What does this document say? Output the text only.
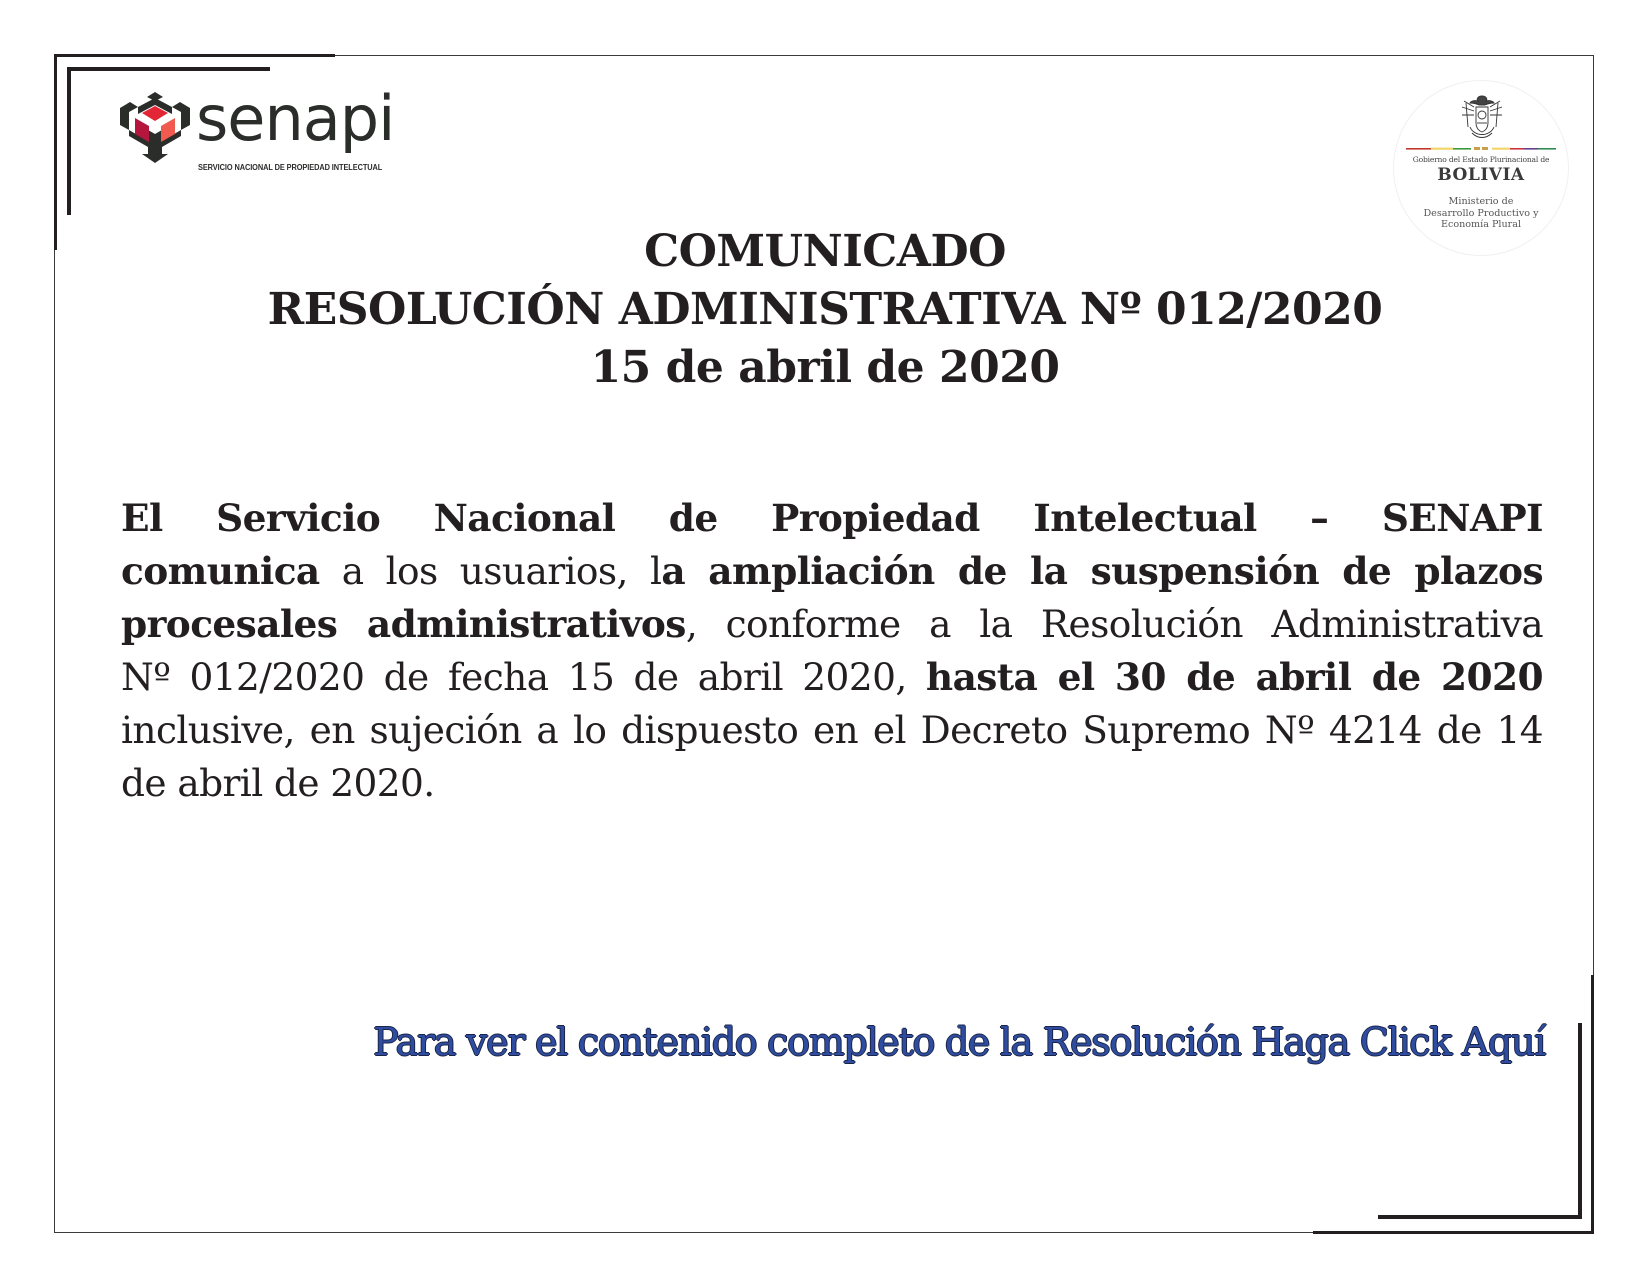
senapi
SERVICIO NACIONAL DE PROPIEDAD INTELECTUAL
Gobierno del Estado Plurinacional de
BOLIVIA
Ministerio de
Desarrollo Productivo y
Economía Plural
COMUNICADO
RESOLUCIÓN ADMINISTRATIVA Nº 012/2020
15 de abril de 2020
El Servicio Nacional de Propiedad Intelectual – SENAPI
comunica a los usuarios, la ampliación de la suspensión de plazos
procesales administrativos, conforme a la Resolución Administrativa
Nº 012/2020 de fecha 15 de abril 2020, hasta el 30 de abril de 2020
inclusive, en sujeción a lo dispuesto en el Decreto Supremo Nº 4214 de 14
de abril de 2020.
Para ver el contenido completo de la Resolución Haga Click Aquí
